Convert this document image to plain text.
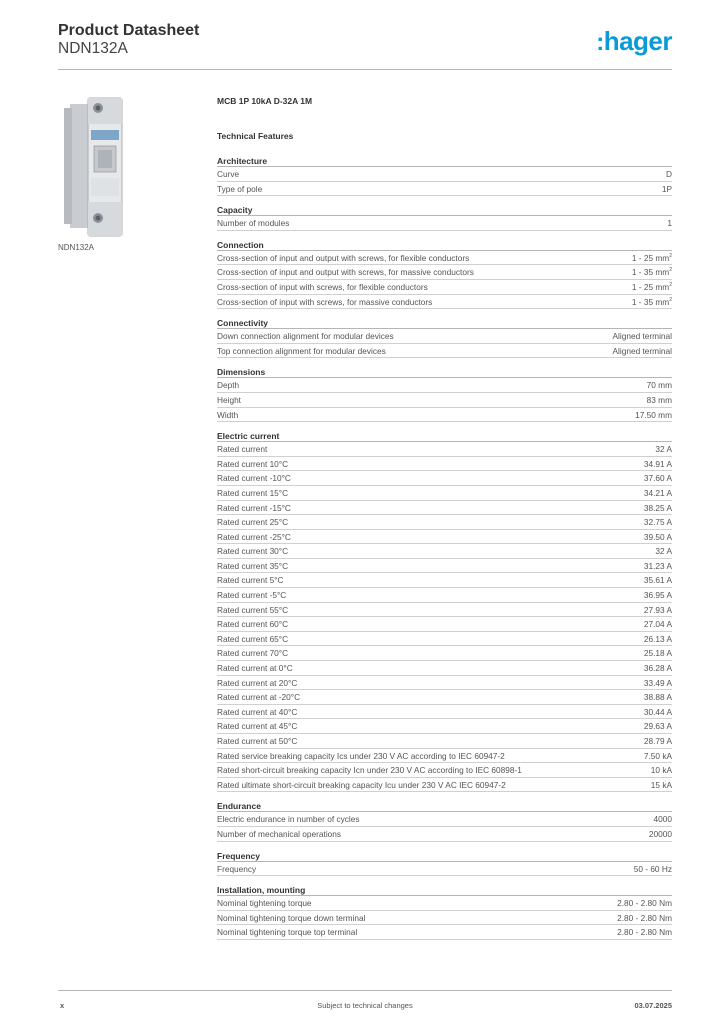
Product Datasheet
NDN132A	:hager
NDN132A
MCB 1P 10kA D-32A 1M
Technical Features
Architecture
Curve	D
Type of pole	1P
Capacity
Number of modules	1
Connection
Cross-section of input and output with screws, for flexible conductors	1 - 25 $mm^2$
Cross-section of input and output with screws, for massive conductors	1 - 35 $mm^2$
Cross-section of input with screws, for flexible conductors	1 - 25 $mm^2$
Cross-section of input with screws, for massive conductors	1 - 35 $mm^2$
Connectivity
Down connection alignment for modular devices	Aligned terminal
Top connection alignment for modular devices	Aligned terminal
Dimensions
Depth	70 mm
Height	83 mm
Width	17.50 mm
Electric current
Rated current	32 A
Rated current 10°C	34.91 A
Rated current -10°C	37.60 A
Rated current 15°C	34.21 A
Rated current -15°C	38.25 A
Rated current 25°C	32.75 A
Rated current -25°C	39.50 A
Rated current 30°C	32 A
Rated current 35°C	31.23 A
Rated current 5°C	35.61 A
Rated current -5°C	36.95 A
Rated current 55°C	27.93 A
Rated current 60°C	27.04 A
Rated current 65°C	26.13 A
Rated current 70°C	25.18 A
Rated current at 0°C	36.28 A
Rated current at 20°C	33.49 A
Rated current at -20°C	38.88 A
Rated current at 40°C	30.44 A
Rated current at 45°C	29.63 A
Rated current at 50°C	28.79 A
Rated service breaking capacity Ics under 230 V AC according to IEC 60947-2	7.50 kA
Rated short-circuit breaking capacity Icn under 230 V AC according to IEC 60898-1	10 kA
Rated ultimate short-circuit breaking capacity Icu under 230 V AC IEC 60947-2	15 kA
Endurance
Electric endurance in number of cycles	4000
Number of mechanical operations	20000
Frequency
Frequency	50 - 60 Hz
Installation, mounting
Nominal tightening torque	2.80 - 2.80 Nm
Nominal tightening torque down terminal	2.80 - 2.80 Nm
Nominal tightening torque top terminal	2.80 - 2.80 Nm
x	Subject to technical changes	03.07.2025
